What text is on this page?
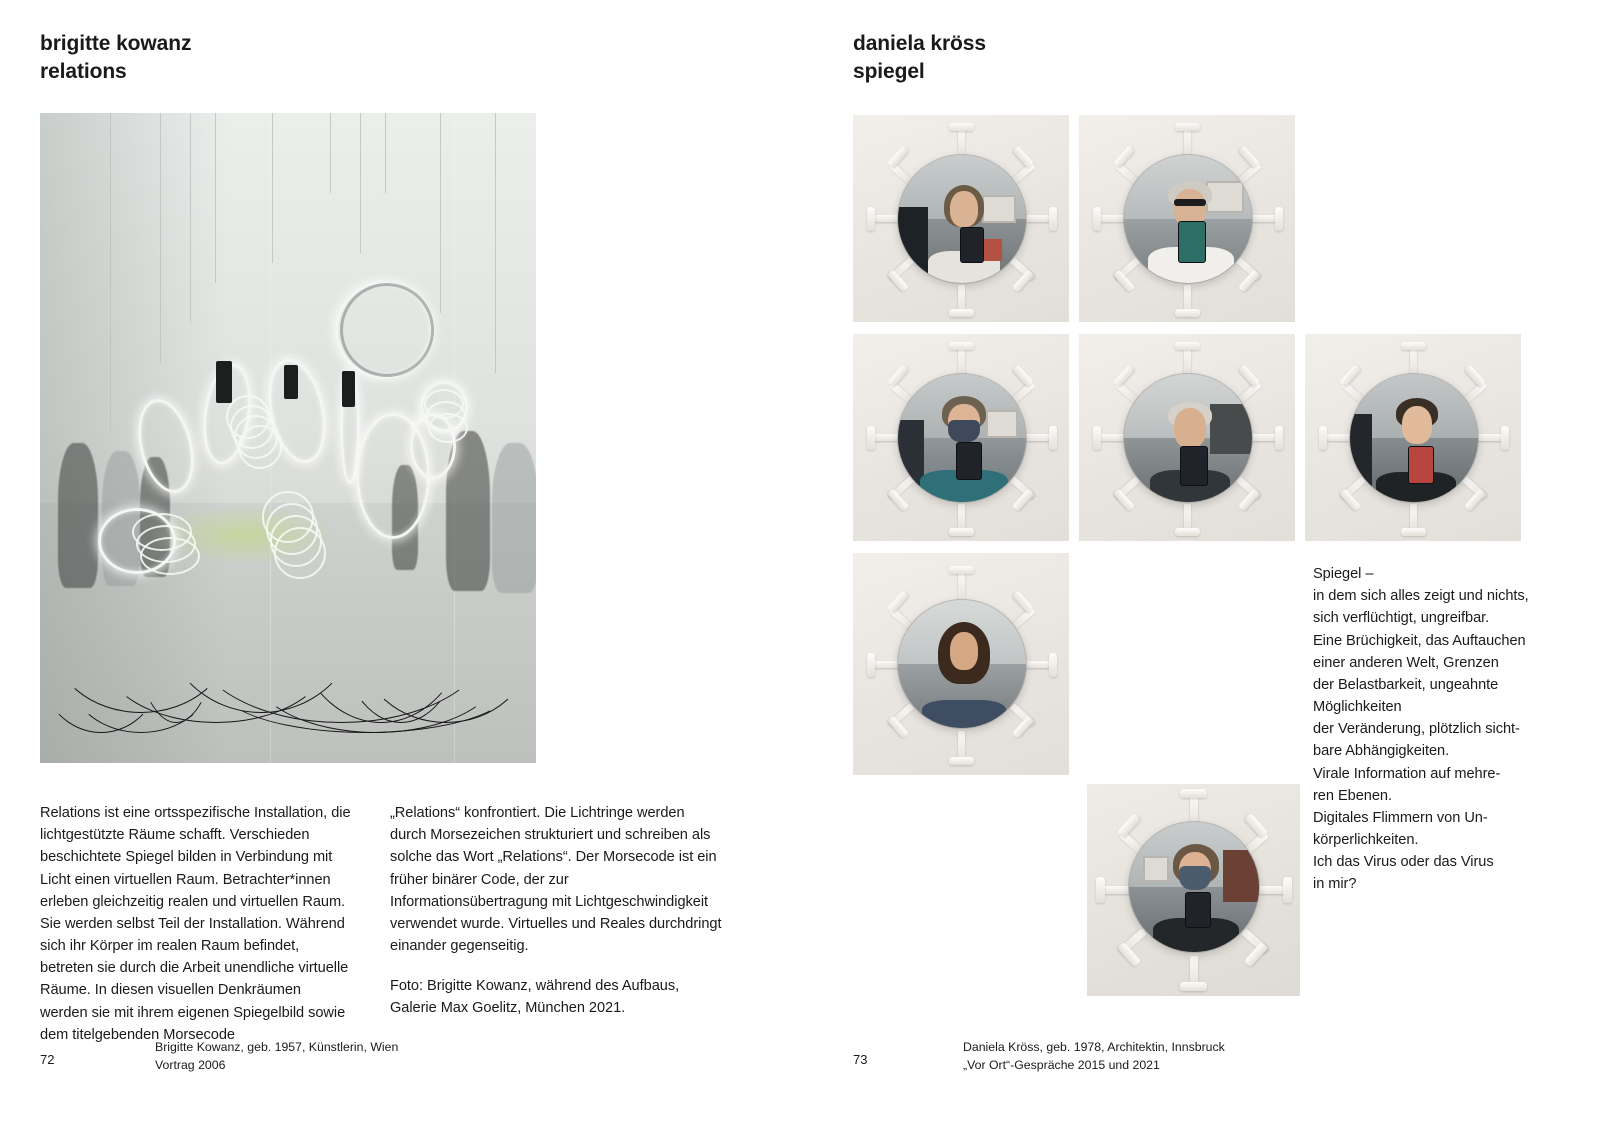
brigitte kowanz
relations

Relations ist eine ortsspezifische Installation, die lichtgestützte Räume schafft. Verschieden beschichtete Spiegel bilden in Verbindung mit Licht einen virtuellen Raum. Betrachter*innen erleben gleichzeitig realen und virtuellen Raum. Sie werden selbst Teil der Installation. Während sich ihr Körper im realen Raum befindet, betreten sie durch die Arbeit unendliche virtuelle Räume. In diesen visuellen Denkräumen werden sie mit ihrem eigenen Spiegelbild sowie dem titelgebenden Morsecode

„Relations“ konfrontiert. Die Lichtringe werden durch Morsezeichen strukturiert und schreiben als solche das Wort „Relations“. Der Morsecode ist ein früher binärer Code, der zur Informationsübertragung mit Lichtgeschwindigkeit verwendet wurde. Virtuelles und Reales durchdringt einander gegenseitig.

Foto: Brigitte Kowanz, während des Aufbaus, Galerie Max Goelitz, München 2021.

72
Brigitte Kowanz, geb. 1957, Künstlerin, Wien
Vortrag 2006
daniela kröss
spiegel
Spiegel –
in dem sich alles zeigt und nichts,
sich verflüchtigt, ungreifbar.
Eine Brüchigkeit, das Auftauchen
einer anderen Welt, Grenzen
der Belastbarkeit, ungeahnte
Möglichkeiten
der Veränderung, plötzlich sicht-
bare Abhängigkeiten.
Virale Information auf mehre-
ren Ebenen.
Digitales Flimmern von Un-
körperlichkeiten.
Ich das Virus oder das Virus
in mir?
73
Daniela Kröss, geb. 1978, Architektin, Innsbruck
„Vor Ort“-Gespräche 2015 und 2021
